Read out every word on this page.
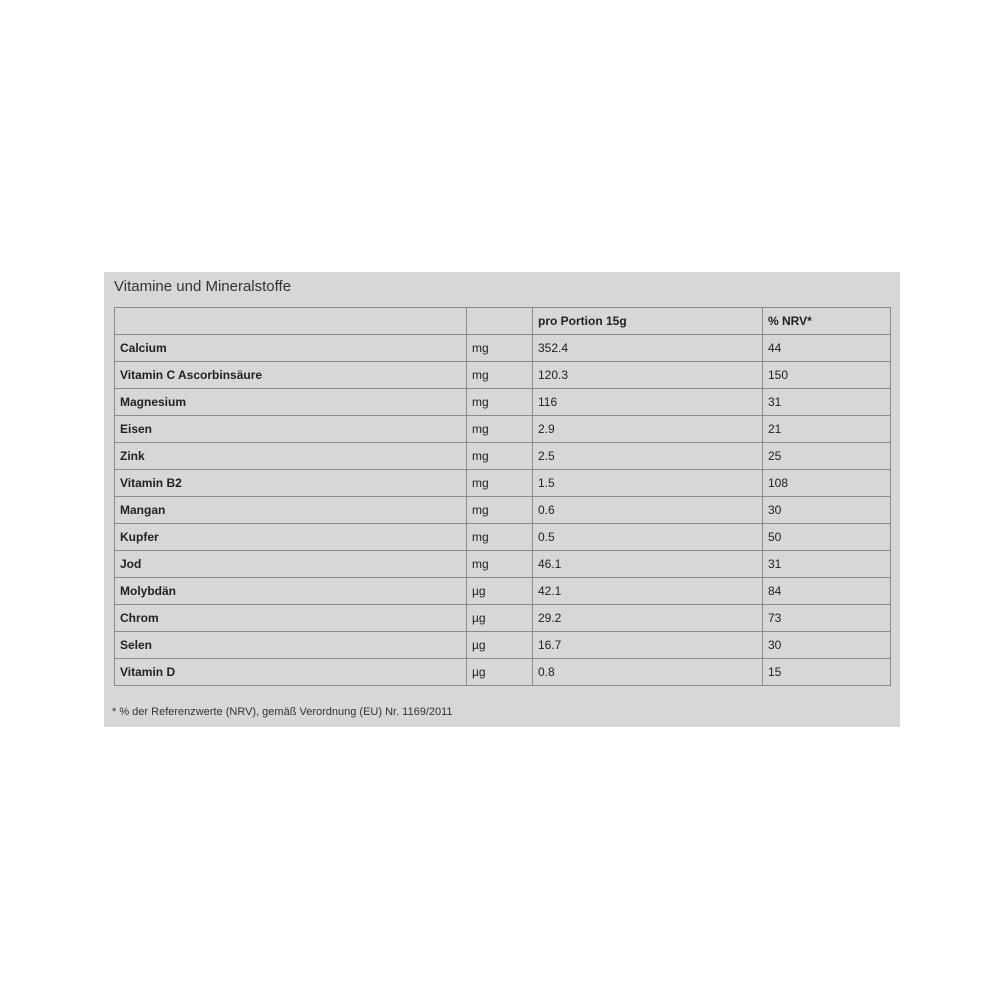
Vitamine und Mineralstoffe
		pro Portion 15g	% NRV*
Calcium	mg	352.4	44
Vitamin C Ascorbinsäure	mg	120.3	150
Magnesium	mg	116	31
Eisen	mg	2.9	21
Zink	mg	2.5	25
Vitamin B2	mg	1.5	108
Mangan	mg	0.6	30
Kupfer	mg	0.5	50
Jod	mg	46.1	31
Molybdän	µg	42.1	84
Chrom	µg	29.2	73
Selen	µg	16.7	30
Vitamin D	µg	0.8	15

* % der Referenzwerte (NRV), gemäß Verordnung (EU) Nr. 1169/2011
